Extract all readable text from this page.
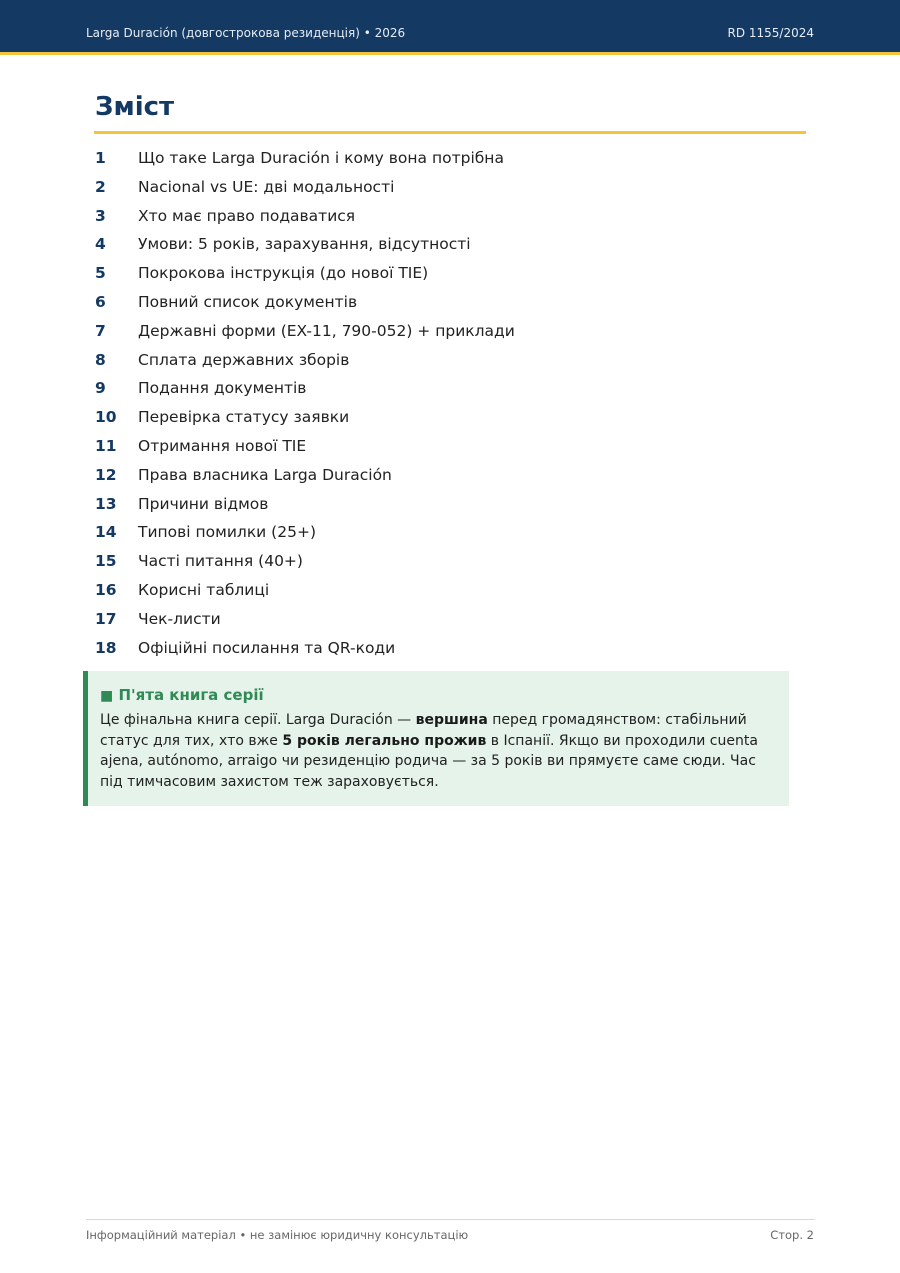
Larga Duración (довгострокова резиденція) • 2026	RD 1155/2024
Зміст
1 Що таке Larga Duración і кому вона потрібна
2 Nacional vs UE: дві модальності
3 Хто має право подаватися
4 Умови: 5 років, зарахування, відсутності
5 Покрокова інструкція (до нової TIE)
6 Повний список документів
7 Державні форми (EX-11, 790-052) + приклади
8 Сплата державних зборів
9 Подання документів
10 Перевірка статусу заявки
11 Отримання нової TIE
12 Права власника Larga Duración
13 Причини відмов
14 Типові помилки (25+)
15 Часті питання (40+)
16 Корисні таблиці
17 Чек-листи
18 Офіційні посилання та QR-коди
■ П'ята книга серії

Це фінальна книга серії. Larga Duración — вершина перед громадянством: стабільний статус для тих, хто вже 5 років легально прожив в Іспанії. Якщо ви проходили cuenta ajena, autónomo, arraigo чи резиденцію родича — за 5 років ви прямуєте саме сюди. Час під тимчасовим захистом теж зараховується.

Інформаційний матеріал • не замінює юридичну консультацію	Стор. 2
